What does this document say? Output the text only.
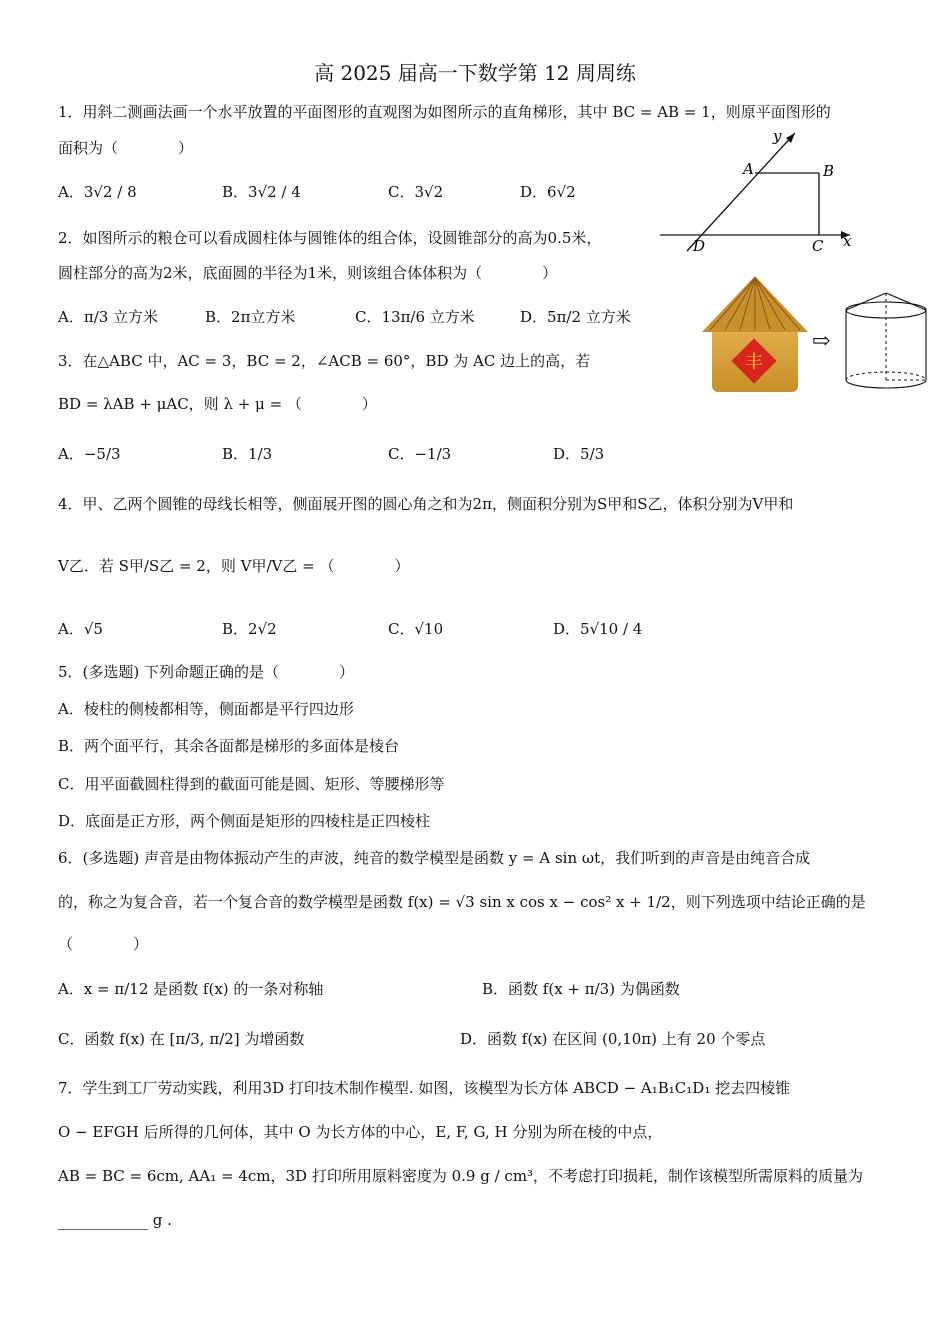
高 2025 届高一下数学第 12 周周练
1．用斜二测画法画一个水平放置的平面图形的直观图为如图所示的直角梯形，其中 BC = AB = 1，则原平面图形的
面积为（　　　　）
A．3√2 / 8	B．3√2 / 4	C．3√2	D．6√2
y
A	B
D	C x
2．如图所示的粮仓可以看成圆柱体与圆锥体的组合体，设圆锥部分的高为0.5米，
圆柱部分的高为2米，底面圆的半径为1米，则该组合体体积为（　　　　）
A．π/3 立方米	B．2π立方米	C．13π/6 立方米	D．5π/2 立方米
丰
⇨
3．在△ABC 中，AC = 3，BC = 2，∠ACB = 60°，BD 为 AC 边上的高，若
BD = λAB + μAC，则 λ + μ = （　　　　）
A．−5/3	B．1/3	C．−1/3	D．5/3
4．甲、乙两个圆锥的母线长相等，侧面展开图的圆心角之和为2π，侧面积分别为S甲和S乙，体积分别为V甲和
V乙．若 S甲/S乙 = 2，则 V甲/V乙 = （　　　　）
A．√5	B．2√2	C．√10	D．5√10 / 4
5．(多选题) 下列命题正确的是（　　　　）
A．棱柱的侧棱都相等，侧面都是平行四边形
B．两个面平行，其余各面都是梯形的多面体是棱台
C．用平面截圆柱得到的截面可能是圆、矩形、等腰梯形等
D．底面是正方形，两个侧面是矩形的四棱柱是正四棱柱
6．(多选题) 声音是由物体振动产生的声波，纯音的数学模型是函数 y = A sin ωt，我们听到的声音是由纯音合成
的，称之为复合音，若一个复合音的数学模型是函数 f(x) = √3 sin x cos x − cos² x + 1/2，则下列选项中结论正确的是
（　　　　）
A．x = π/12 是函数 f(x) 的一条对称轴	B．函数 f(x + π/3) 为偶函数
C．函数 f(x) 在 [π/3, π/2] 为增函数	D．函数 f(x) 在区间 (0,10π) 上有 20 个零点
7．学生到工厂劳动实践，利用3D 打印技术制作模型. 如图，该模型为长方体 ABCD − A₁B₁C₁D₁ 挖去四棱锥
O − EFGH 后所得的几何体，其中 O 为长方体的中心，E, F, G, H 分别为所在棱的中点，
AB = BC = 6cm, AA₁ = 4cm，3D 打印所用原料密度为 0.9 g / cm³，不考虑打印损耗，制作该模型所需原料的质量为
g .
